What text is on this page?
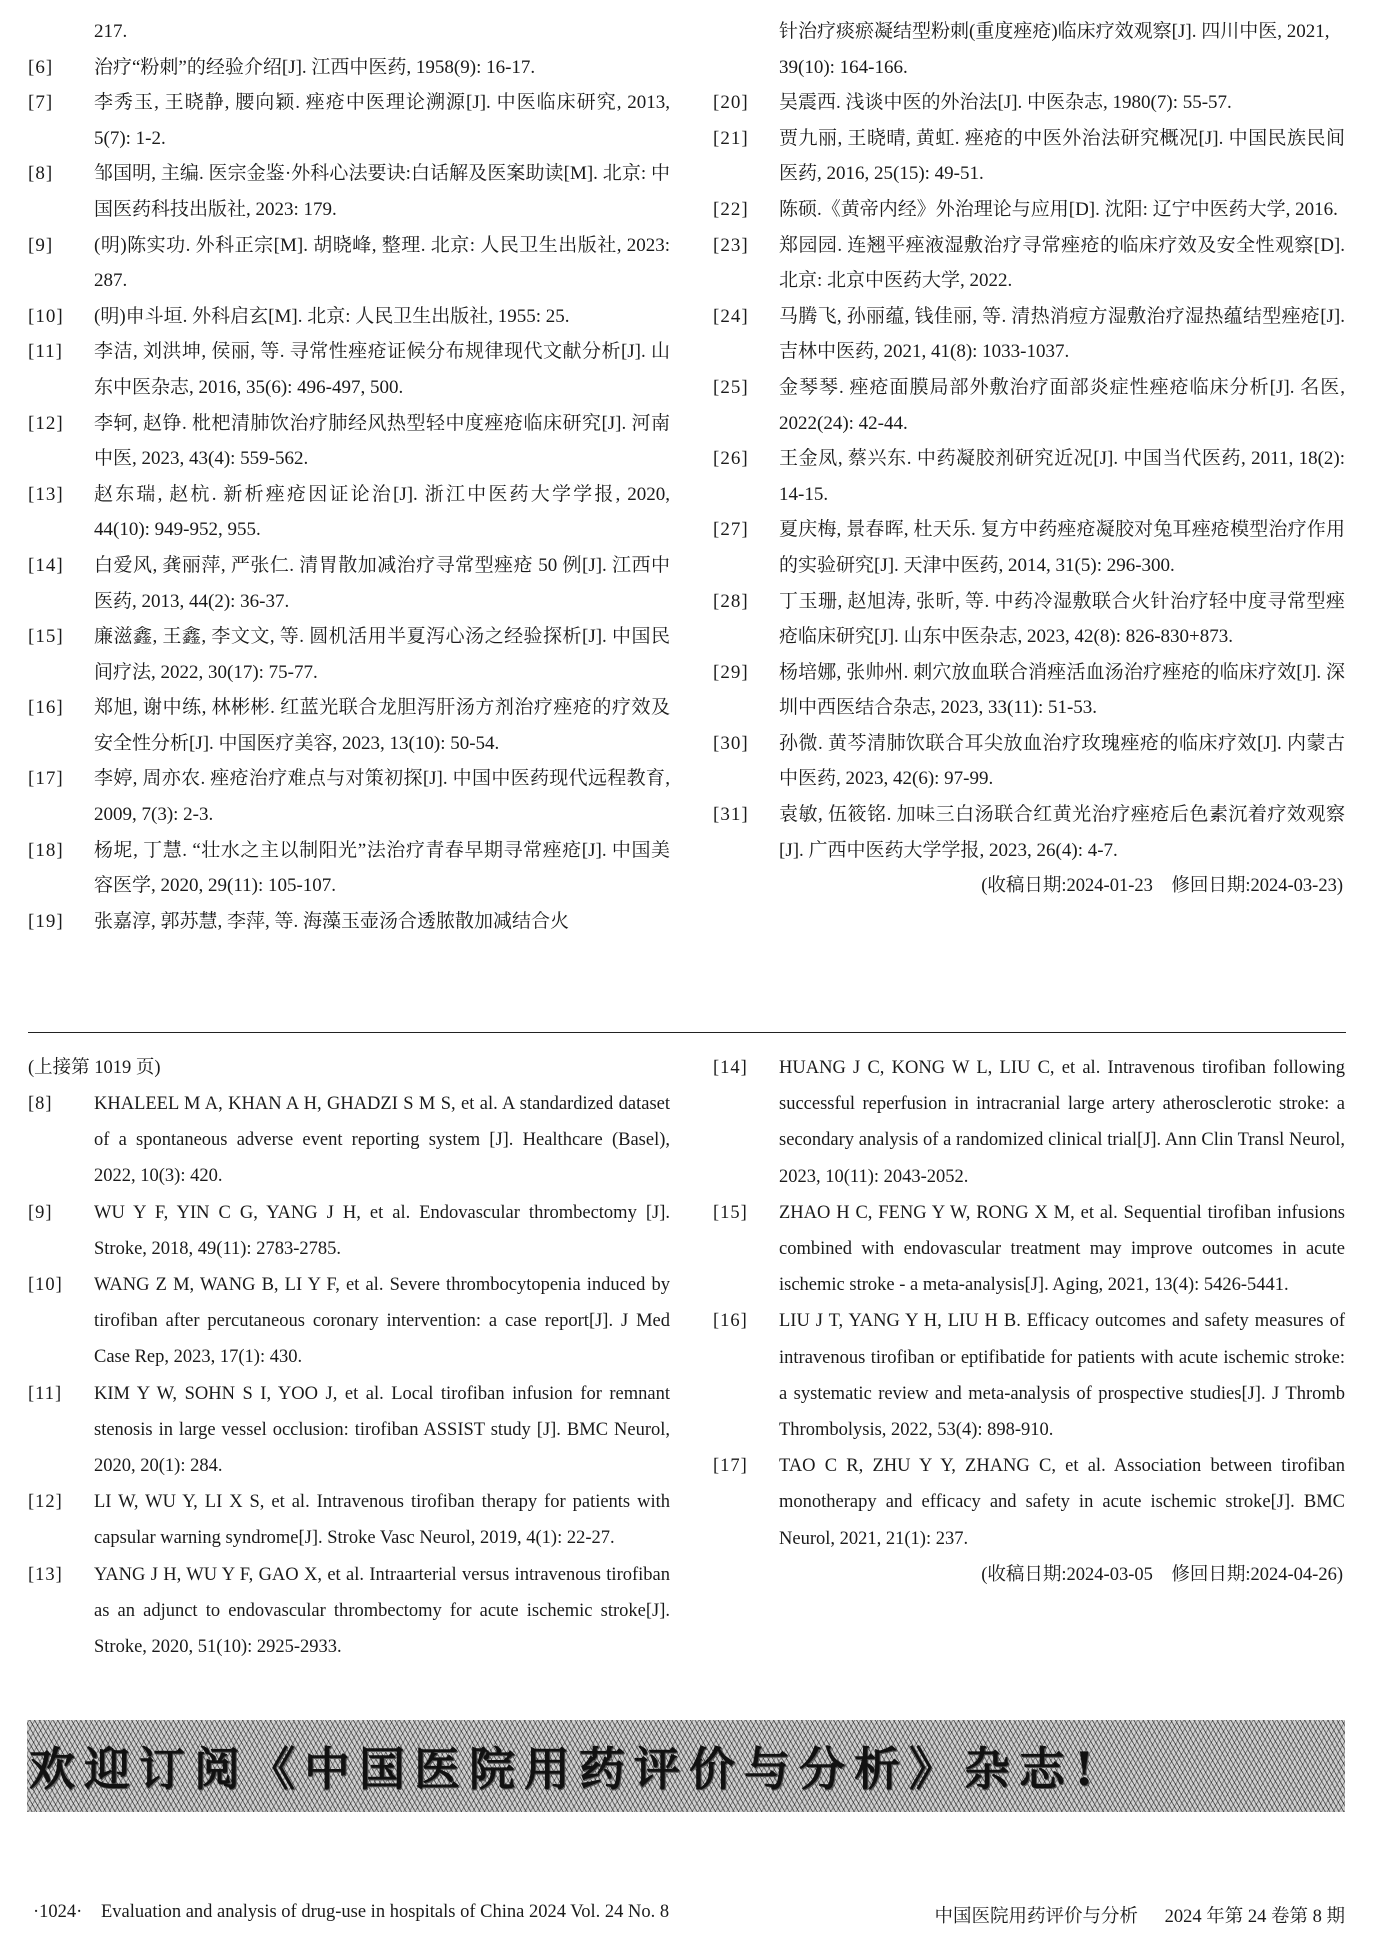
217.
[6]	治疗“粉刺”的经验介绍[J]. 江西中医药, 1958(9): 16-17.
[7]	李秀玉, 王晓静, 腰向颖. 痤疮中医理论溯源[J]. 中医临床研究, 2013, 5(7): 1-2.
[8]	邹国明, 主编. 医宗金鉴·外科心法要诀:白话解及医案助读[M]. 北京: 中国医药科技出版社, 2023: 179.
[9]	(明)陈实功. 外科正宗[M]. 胡晓峰, 整理. 北京: 人民卫生出版社, 2023: 287.
[10]	(明)申斗垣. 外科启玄[M]. 北京: 人民卫生出版社, 1955: 25.
[11]	李洁, 刘洪坤, 侯丽, 等. 寻常性痤疮证候分布规律现代文献分析[J]. 山东中医杂志, 2016, 35(6): 496-497, 500.
[12]	李轲, 赵铮. 枇杷清肺饮治疗肺经风热型轻中度痤疮临床研究[J]. 河南中医, 2023, 43(4): 559-562.
[13]	赵东瑞, 赵杭. 新析痤疮因证论治[J]. 浙江中医药大学学报, 2020, 44(10): 949-952, 955.
[14]	白爱风, 龚丽萍, 严张仁. 清胃散加减治疗寻常型痤疮 50 例[J]. 江西中医药, 2013, 44(2): 36-37.
[15]	廉滋鑫, 王鑫, 李文文, 等. 圆机活用半夏泻心汤之经验探析[J]. 中国民间疗法, 2022, 30(17): 75-77.
[16]	郑旭, 谢中练, 林彬彬. 红蓝光联合龙胆泻肝汤方剂治疗痤疮的疗效及安全性分析[J]. 中国医疗美容, 2023, 13(10): 50-54.
[17]	李婷, 周亦农. 痤疮治疗难点与对策初探[J]. 中国中医药现代远程教育, 2009, 7(3): 2-3.
[18]	杨坭, 丁慧. “壮水之主以制阳光”法治疗青春早期寻常痤疮[J]. 中国美容医学, 2020, 29(11): 105-107.
[19]	张嘉淳, 郭苏慧, 李萍, 等. 海藻玉壶汤合透脓散加减结合火
针治疗痰瘀凝结型粉刺(重度痤疮)临床疗效观察[J]. 四川中医, 2021, 39(10): 164-166.
[20]	吴震西. 浅谈中医的外治法[J]. 中医杂志, 1980(7): 55-57.
[21]	贾九丽, 王晓晴, 黄虹. 痤疮的中医外治法研究概况[J]. 中国民族民间医药, 2016, 25(15): 49-51.
[22]	陈硕.《黄帝内经》外治理论与应用[D]. 沈阳: 辽宁中医药大学, 2016.
[23]	郑园园. 连翘平痤液湿敷治疗寻常痤疮的临床疗效及安全性观察[D]. 北京: 北京中医药大学, 2022.
[24]	马腾飞, 孙丽蕴, 钱佳丽, 等. 清热消痘方湿敷治疗湿热蕴结型痤疮[J]. 吉林中医药, 2021, 41(8): 1033-1037.
[25]	金琴琴. 痤疮面膜局部外敷治疗面部炎症性痤疮临床分析[J]. 名医, 2022(24): 42-44.
[26]	王金凤, 蔡兴东. 中药凝胶剂研究近况[J]. 中国当代医药, 2011, 18(2): 14-15.
[27]	夏庆梅, 景春晖, 杜天乐. 复方中药痤疮凝胶对兔耳痤疮模型治疗作用的实验研究[J]. 天津中医药, 2014, 31(5): 296-300.
[28]	丁玉珊, 赵旭涛, 张昕, 等. 中药冷湿敷联合火针治疗轻中度寻常型痤疮临床研究[J]. 山东中医杂志, 2023, 42(8): 826-830+873.
[29]	杨培娜, 张帅州. 刺穴放血联合消痤活血汤治疗痤疮的临床疗效[J]. 深圳中西医结合杂志, 2023, 33(11): 51-53.
[30]	孙微. 黄芩清肺饮联合耳尖放血治疗玫瑰痤疮的临床疗效[J]. 内蒙古中医药, 2023, 42(6): 97-99.
[31]	袁敏, 伍筱铭. 加味三白汤联合红黄光治疗痤疮后色素沉着疗效观察[J]. 广西中医药大学学报, 2023, 26(4): 4-7.
(收稿日期:2024-01-23　修回日期:2024-03-23)
(上接第 1019 页)
[8]	KHALEEL M A, KHAN A H, GHADZI S M S, et al. A standardized dataset of a spontaneous adverse event reporting system [J]. Healthcare (Basel), 2022, 10(3): 420.
[9]	WU Y F, YIN C G, YANG J H, et al. Endovascular thrombectomy [J]. Stroke, 2018, 49(11): 2783-2785.
[10]	WANG Z M, WANG B, LI Y F, et al. Severe thrombocytopenia induced by tirofiban after percutaneous coronary intervention: a case report[J]. J Med Case Rep, 2023, 17(1): 430.
[11]	KIM Y W, SOHN S I, YOO J, et al. Local tirofiban infusion for remnant stenosis in large vessel occlusion: tirofiban ASSIST study [J]. BMC Neurol, 2020, 20(1): 284.
[12]	LI W, WU Y, LI X S, et al. Intravenous tirofiban therapy for patients with capsular warning syndrome[J]. Stroke Vasc Neurol, 2019, 4(1): 22-27.
[13]	YANG J H, WU Y F, GAO X, et al. Intraarterial versus intravenous tirofiban as an adjunct to endovascular thrombectomy for acute ischemic stroke[J]. Stroke, 2020, 51(10): 2925-2933.
[14]	HUANG J C, KONG W L, LIU C, et al. Intravenous tirofiban following successful reperfusion in intracranial large artery atherosclerotic stroke: a secondary analysis of a randomized clinical trial[J]. Ann Clin Transl Neurol, 2023, 10(11): 2043-2052.
[15]	ZHAO H C, FENG Y W, RONG X M, et al. Sequential tirofiban infusions combined with endovascular treatment may improve outcomes in acute ischemic stroke - a meta-analysis[J]. Aging, 2021, 13(4): 5426-5441.
[16]	LIU J T, YANG Y H, LIU H B. Efficacy outcomes and safety measures of intravenous tirofiban or eptifibatide for patients with acute ischemic stroke: a systematic review and meta-analysis of prospective studies[J]. J Thromb Thrombolysis, 2022, 53(4): 898-910.
[17]	TAO C R, ZHU Y Y, ZHANG C, et al. Association between tirofiban monotherapy and efficacy and safety in acute ischemic stroke[J]. BMC Neurol, 2021, 21(1): 237.
(收稿日期:2024-03-05　修回日期:2024-04-26)
欢迎订阅《中国医院用药评价与分析》杂志!
·1024· Evaluation and analysis of drug-use in hospitals of China 2024 Vol. 24 No. 8	中国医院用药评价与分析 2024 年第 24 卷第 8 期
